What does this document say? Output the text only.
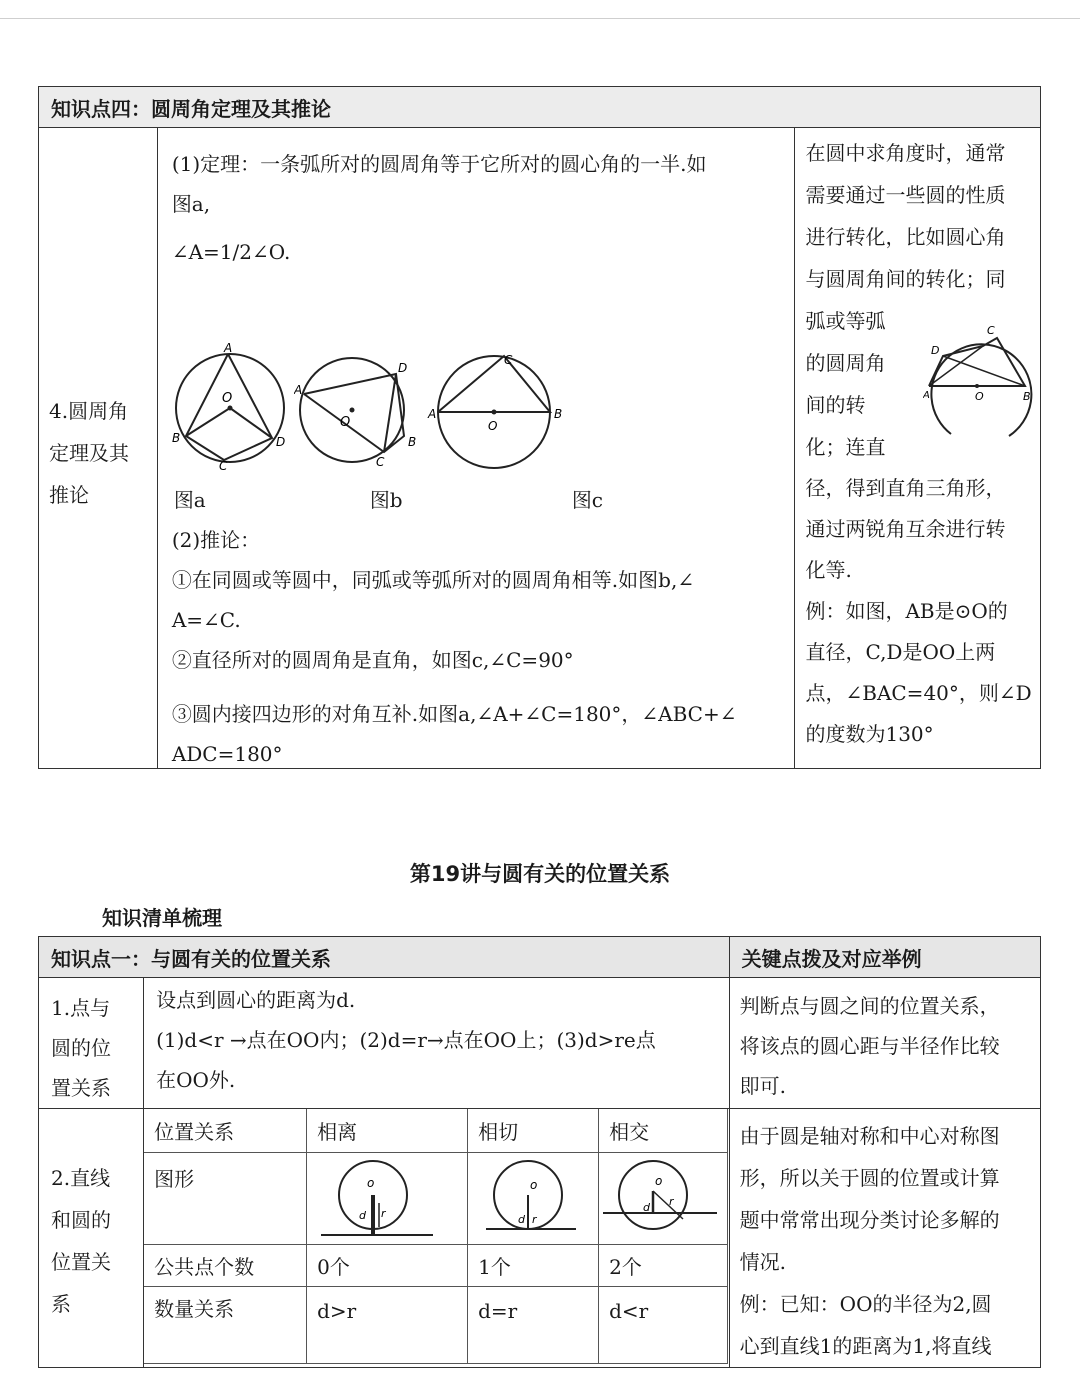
知识点四：圆周角定理及其推论

4.圆周角
定理及其
推论

(1)定理：一条弧所对的圆周角等于它所对的圆心角的一半.如
图a,
∠A=1/2∠O.
A
O
B
C
D
A
D
O
B
C
A
C
O
B
图a	图b	图c
(2)推论：
①在同圆或等圆中，同弧或等弧所对的圆周角相等.如图b,∠
A=∠C.
②直径所对的圆周角是直角，如图c,∠C=90°
③圆内接四边形的对角互补.如图a,∠A+∠C=180°，∠ABC+∠
ADC=180°

在圆中求角度时，通常
需要通过一些圆的性质
进行转化，比如圆心角
与圆周角间的转化；同
弧或等弧
的圆周角
间的转
化；连直
D
C
A	O	B
径，得到直角三角形，
通过两锐角互余进行转
化等.
例：如图，AB是⊙O的
直径，C,D是OO上两
点，∠BAC=40°，则∠D
的度数为130°
第19讲与圆有关的位置关系
知识清单梳理
知识点一：与圆有关的位置关系	关键点拨及对应举例

1.点与
圆的位
置关系

设点到圆心的距离为d.
(1)d<r →点在OO内；(2)d=r→点在OO上；(3)d>re点
在OO外.

判断点与圆之间的位置关系，
将该点的圆心距与半径作比较
即可.

2.直线
和圆的
位置关
系

位置关系	相离	相切	相交
图形	o
d r

o
d r

o
d r

公共点个数	0个	1个	2个
数量关系	d>r	d=r	d<r

由于圆是轴对称和中心对称图
形，所以关于圆的位置或计算
题中常常出现分类讨论多解的
情况.
例：已知：OO的半径为2,圆
心到直线1的距离为1,将直线
